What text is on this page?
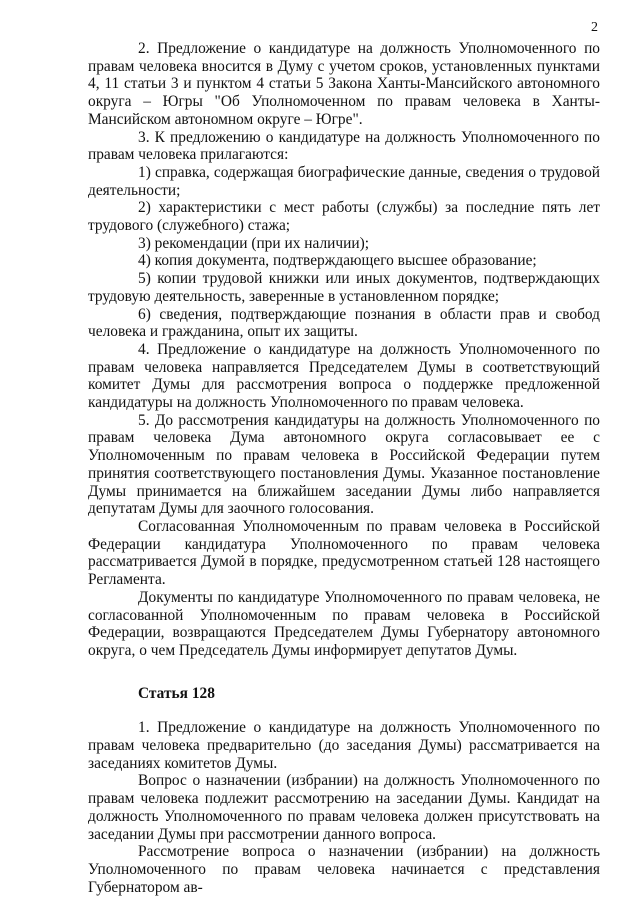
2

2. Предложение о кандидатуре на должность Уполномоченного по правам человека вносится в Думу с учетом сроков, установленных пунктами 4, 11 статьи 3 и пунктом 4 статьи 5 Закона Ханты-Мансийского автономного округа – Югры "Об Уполномоченном по правам человека в Ханты-Мансийском автономном округе – Югре".

3. К предложению о кандидатуре на должность Уполномоченного по правам человека прилагаются:

1) справка, содержащая биографические данные, сведения о трудовой деятельности;

2) характеристики с мест работы (службы) за последние пять лет трудового (служебного) стажа;

3) рекомендации (при их наличии);

4) копия документа, подтверждающего высшее образование;

5) копии трудовой книжки или иных документов, подтверждающих трудовую деятельность, заверенные в установленном порядке;

6) сведения, подтверждающие познания в области прав и свобод человека и гражданина, опыт их защиты.

4. Предложение о кандидатуре на должность Уполномоченного по правам человека направляется Председателем Думы в соответствующий комитет Думы для рассмотрения вопроса о поддержке предложенной кандидатуры на должность Уполномоченного по правам человека.

5. До рассмотрения кандидатуры на должность Уполномоченного по правам человека Дума автономного округа согласовывает ее с Уполномоченным по правам человека в Российской Федерации путем принятия соответствующего постановления Думы. Указанное постановление Думы принимается на ближайшем заседании Думы либо направляется депутатам Думы для заочного голосования.

Согласованная Уполномоченным по правам человека в Российской Федерации кандидатура Уполномоченного по правам человека рассматривается Думой в порядке, предусмотренном статьей 128 настоящего Регламента.

Документы по кандидатуре Уполномоченного по правам человека, не согласованной Уполномоченным по правам человека в Российской Федерации, возвращаются Председателем Думы Губернатору автономного округа, о чем Председатель Думы информирует депутатов Думы.

Статья 128

1. Предложение о кандидатуре на должность Уполномоченного по правам человека предварительно (до заседания Думы) рассматривается на заседаниях комитетов Думы.

Вопрос о назначении (избрании) на должность Уполномоченного по правам человека подлежит рассмотрению на заседании Думы. Кандидат на должность Уполномоченного по правам человека должен присутствовать на заседании Думы при рассмотрении данного вопроса.

Рассмотрение вопроса о назначении (избрании) на должность Уполномоченного по правам человека начинается с представления Губернатором ав-
